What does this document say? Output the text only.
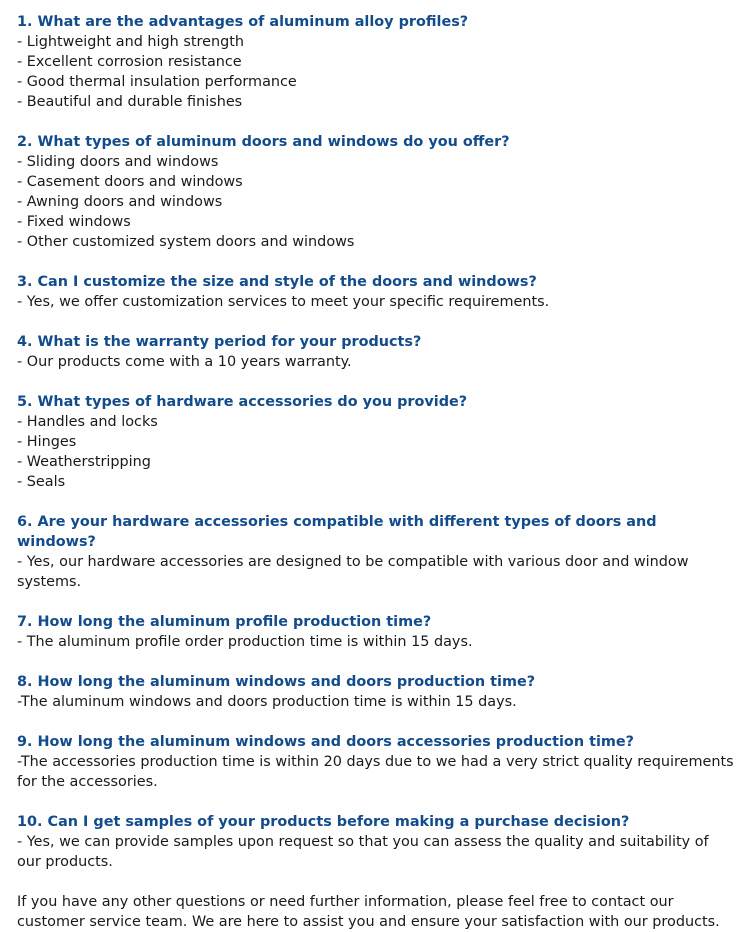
1. What are the advantages of aluminum alloy profiles?

- Lightweight and high strength

- Excellent corrosion resistance

- Good thermal insulation performance

- Beautiful and durable finishes

2. What types of aluminum doors and windows do you offer?

- Sliding doors and windows

- Casement doors and windows

- Awning doors and windows

- Fixed windows

- Other customized system doors and windows

3. Can I customize the size and style of the doors and windows?

- Yes, we offer customization services to meet your specific requirements.

4. What is the warranty period for your products?

- Our products come with a 10 years warranty.

5. What types of hardware accessories do you provide?

- Handles and locks

- Hinges

- Weatherstripping

- Seals

6. Are your hardware accessories compatible with different types of doors and windows?

- Yes, our hardware accessories are designed to be compatible with various door and window systems.

7. How long the aluminum profile production time?

- The aluminum profile order production time is within 15 days.

8. How long the aluminum windows and doors production time?

-The aluminum windows and doors production time is within 15 days.

9. How long the aluminum windows and doors accessories production time?

-The accessories production time is within 20 days due to we had a very strict quality requirements for the accessories.

10. Can I get samples of your products before making a purchase decision?

- Yes, we can provide samples upon request so that you can assess the quality and suitability of our products.

If you have any other questions or need further information, please feel free to contact our customer service team. We are here to assist you and ensure your satisfaction with our products.
